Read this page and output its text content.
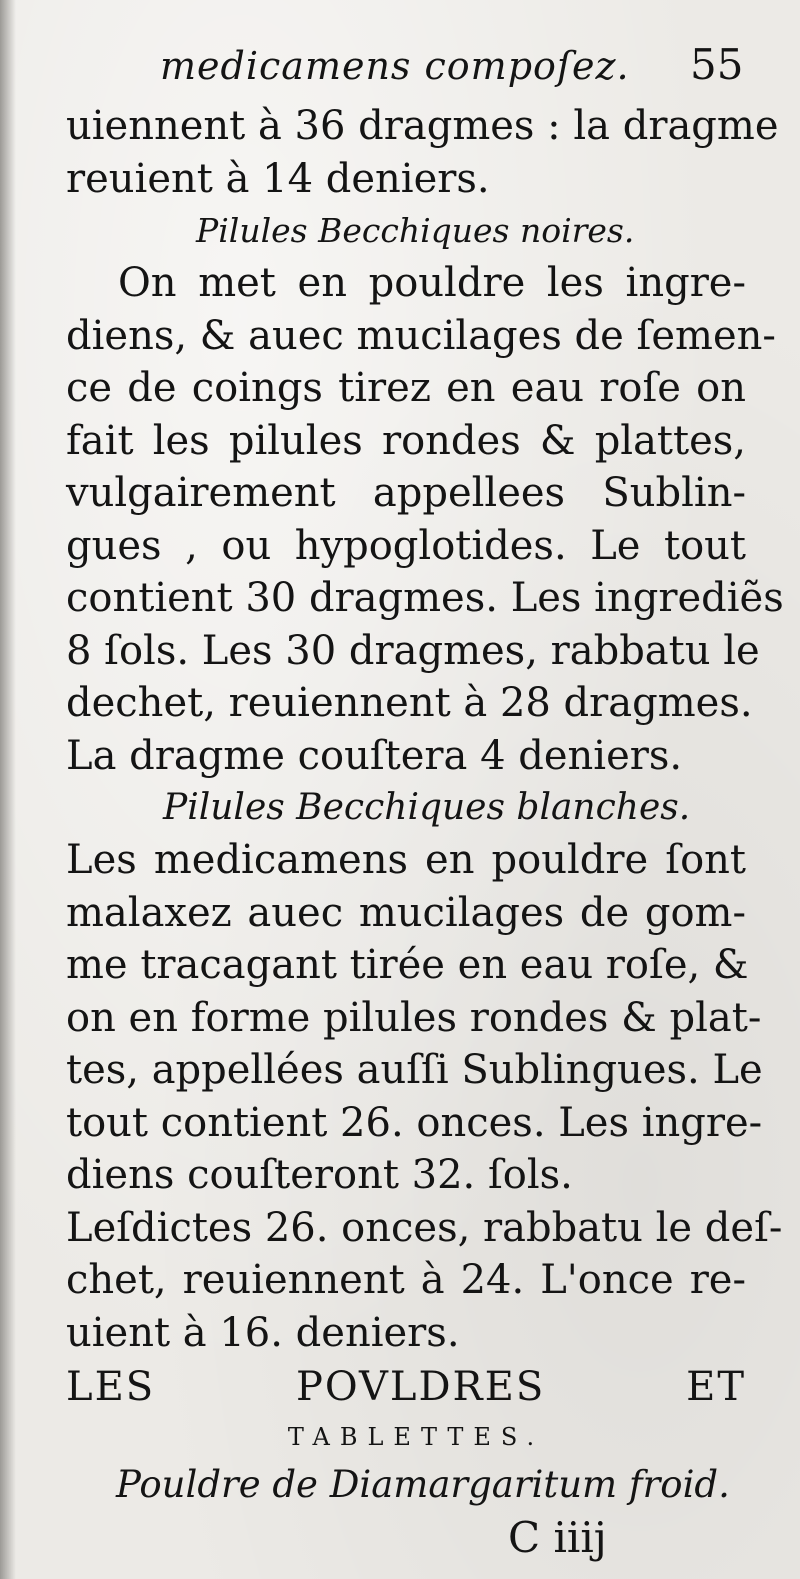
medicamens compoſez. 55
uiennent à 36 dragmes : la dragme
reuient à 14 deniers.
Pilules Becchiques noires.
On met en pouldre les ingre-
diens, & auec mucilages de ſemen-
ce de coings tirez en eau roſe on
fait les pilules rondes & plattes,
vulgairement appellees Sublin-
gues , ou hypoglotides. Le tout
contient 30 dragmes. Les ingrediẽs
8 ſols. Les 30 dragmes, rabbatu le
dechet, reuiennent à 28 dragmes.
La dragme couſtera 4 deniers.
Pilules Becchiques blanches.
Les medicamens en pouldre ſont
malaxez auec mucilages de gom-
me tracagant tirée en eau roſe, &
on en forme pilules rondes & plat-
tes, appellées auſſi Sublingues. Le
tout contient 26. onces. Les ingre-
diens couſteront 32. ſols.
Leſdictes 26. onces, rabbatu le deſ-
chet, reuiennent à 24. L'once re-
uient à 16. deniers.
LES POVLDRES ET
TABLETTES.
Pouldre de Diamargaritum froid.
C iiij
